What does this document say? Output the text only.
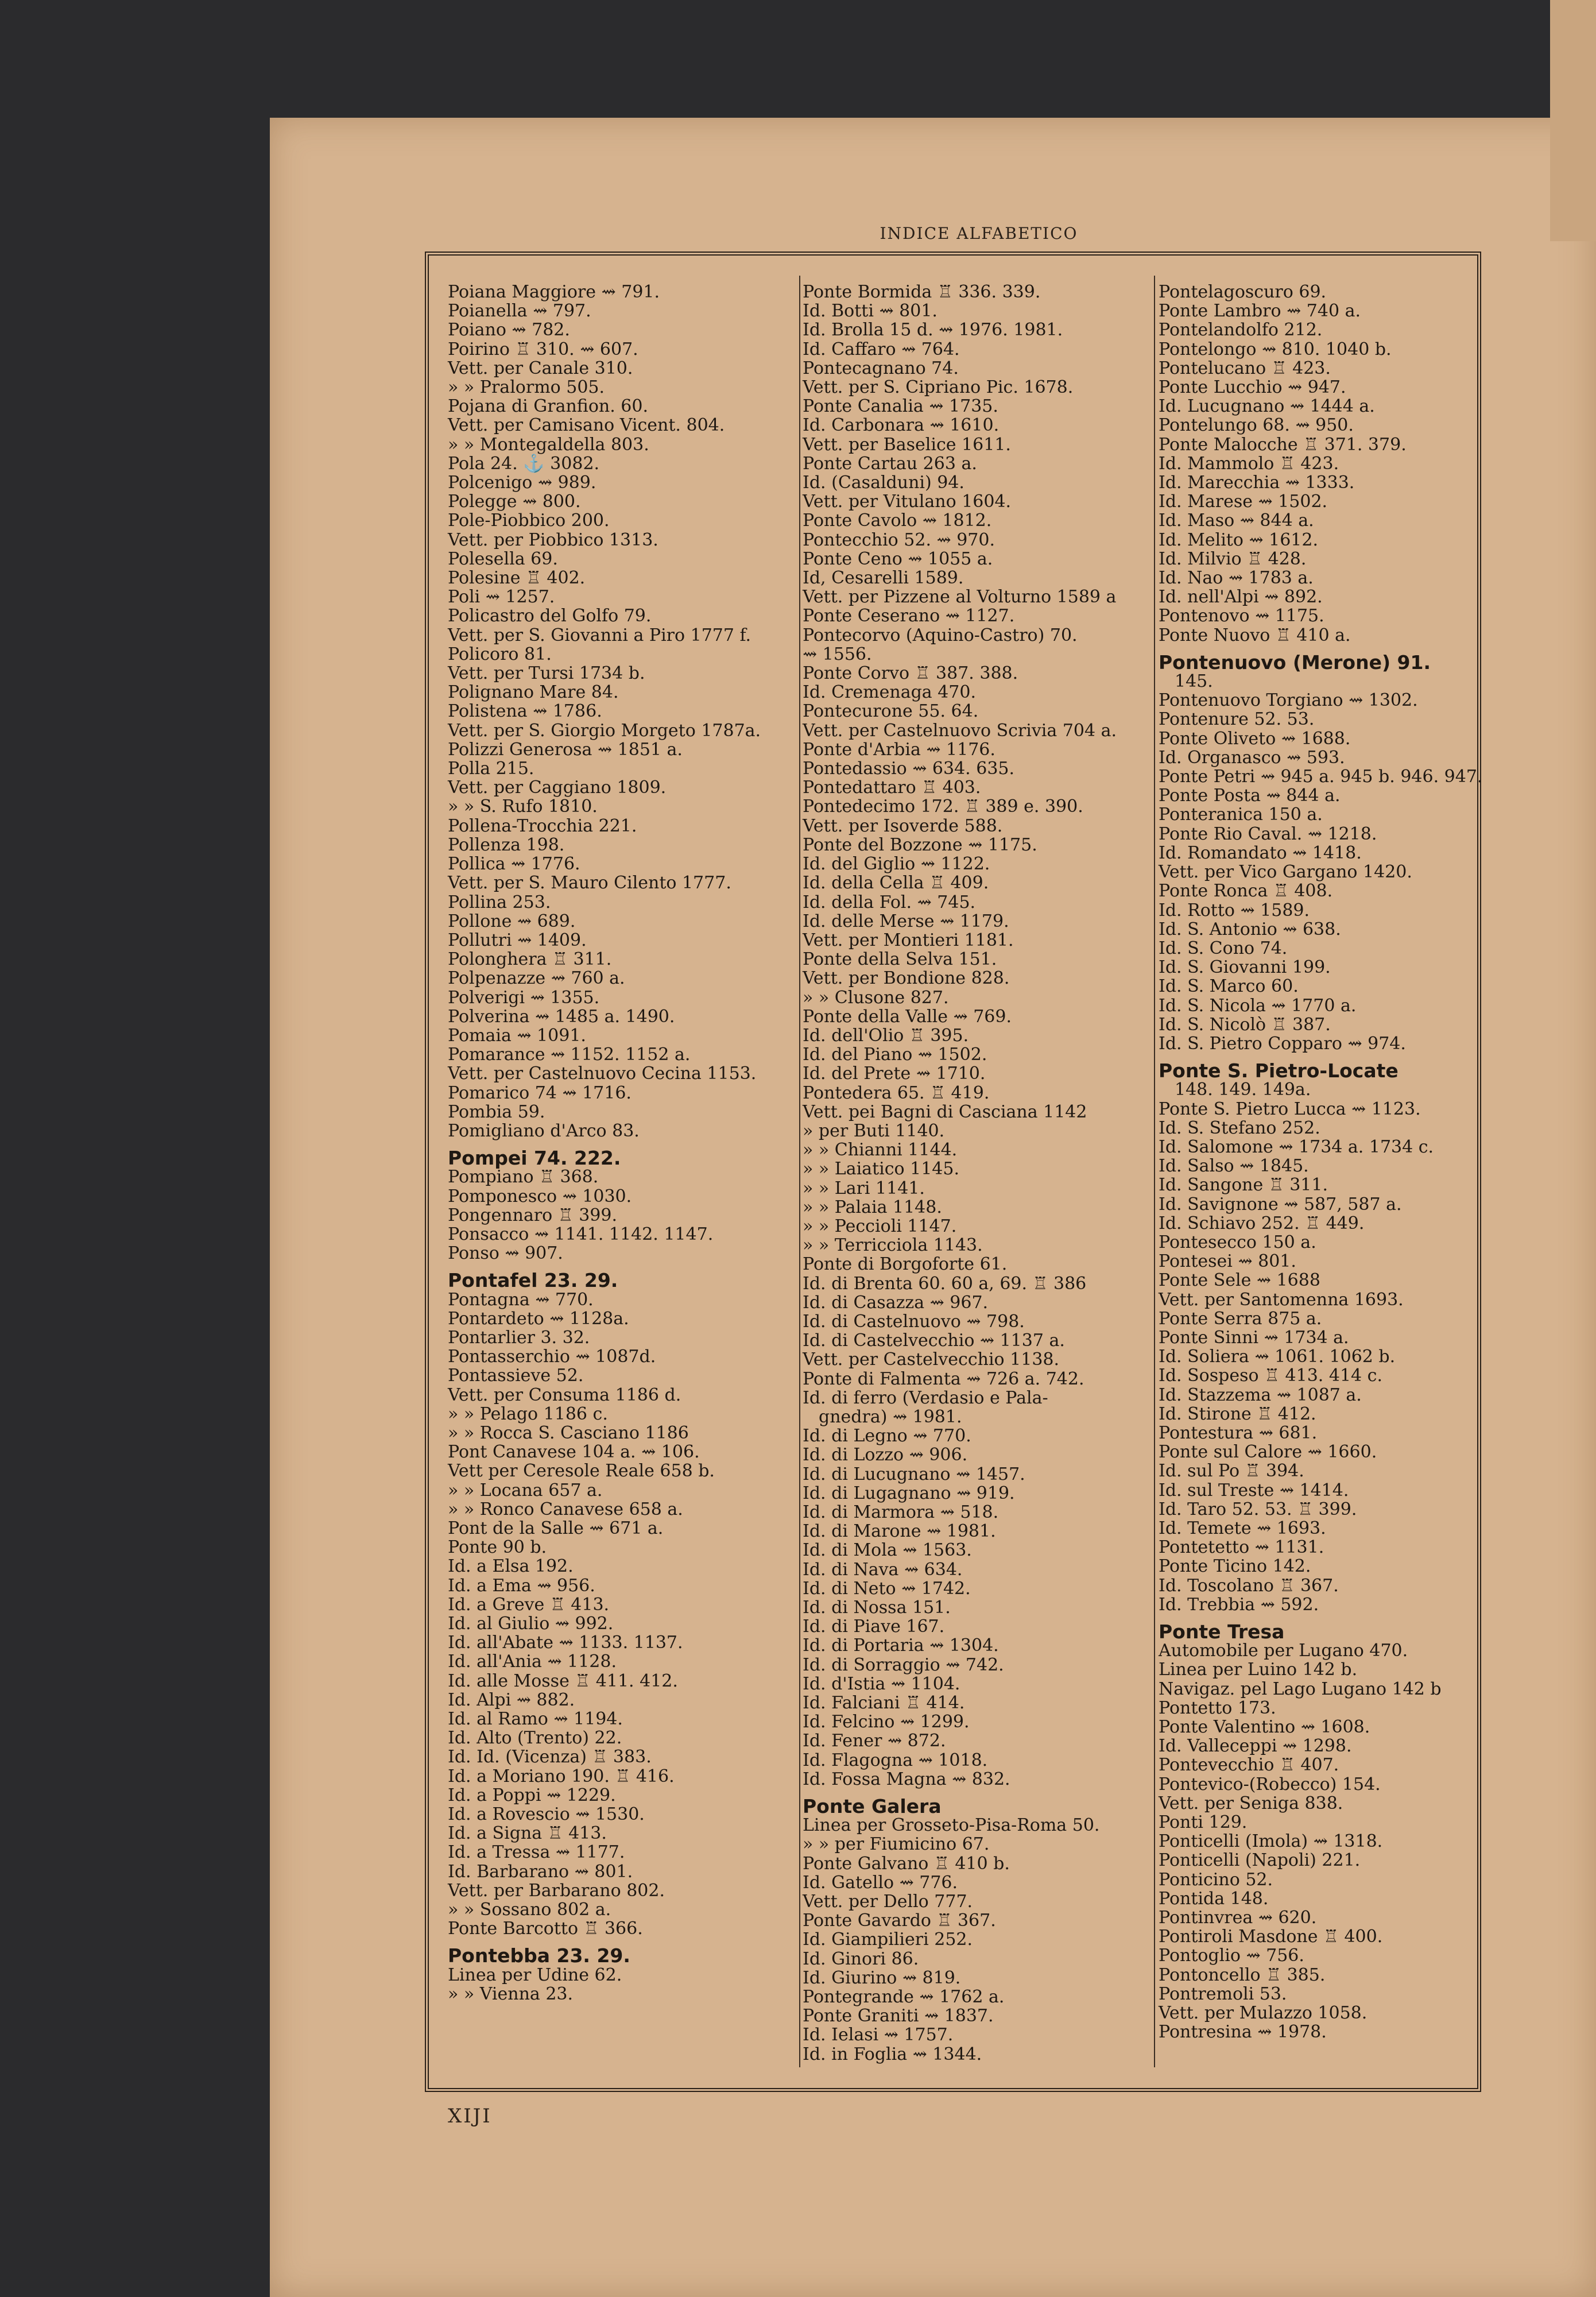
INDICE ALFABETICO
Poiana Maggiore ⇝ 791.
Poianella ⇝ 797.
Poiano ⇝ 782.
Poirino ♖ 310. ⇝ 607.
Vett. per Canale 310.
» » Pralormo 505.
Pojana di Granfion. 60.
Vett. per Camisano Vicent. 804.
» » Montegaldella 803.
Pola 24. ⚓ 3082.
Polcenigo ⇝ 989.
Polegge ⇝ 800.
Pole-Piobbico 200.
Vett. per Piobbico 1313.
Polesella 69.
Polesine ♖ 402.
Poli ⇝ 1257.
Policastro del Golfo 79.
Vett. per S. Giovanni a Piro 1777 f.
Policoro 81.
Vett. per Tursi 1734 b.
Polignano Mare 84.
Polistena ⇝ 1786.
Vett. per S. Giorgio Morgeto 1787a.
Polizzi Generosa ⇝ 1851 a.
Polla 215.
Vett. per Caggiano 1809.
» » S. Rufo 1810.
Pollena-Trocchia 221.
Pollenza 198.
Pollica ⇝ 1776.
Vett. per S. Mauro Cilento 1777.
Pollina 253.
Pollone ⇝ 689.
Pollutri ⇝ 1409.
Polonghera ♖ 311.
Polpenazze ⇝ 760 a.
Polverigi ⇝ 1355.
Polverina ⇝ 1485 a. 1490.
Pomaia ⇝ 1091.
Pomarance ⇝ 1152. 1152 a.
Vett. per Castelnuovo Cecina 1153.
Pomarico 74 ⇝ 1716.
Pombia 59.
Pomigliano d'Arco 83.
Pompei 74. 222.
Pompiano ♖ 368.
Pomponesco ⇝ 1030.
Pongennaro ♖ 399.
Ponsacco ⇝ 1141. 1142. 1147.
Ponso ⇝ 907.
Pontafel 23. 29.
Pontagna ⇝ 770.
Pontardeto ⇝ 1128a.
Pontarlier 3. 32.
Pontasserchio ⇝ 1087d.
Pontassieve 52.
Vett. per Consuma 1186 d.
» » Pelago 1186 c.
» » Rocca S. Casciano 1186
Pont Canavese 104 a. ⇝ 106.
Vett per Ceresole Reale 658 b.
» » Locana 657 a.
» » Ronco Canavese 658 a.
Pont de la Salle ⇝ 671 a.
Ponte 90 b.
Id. a Elsa 192.
Id. a Ema ⇝ 956.
Id. a Greve ♖ 413.
Id. al Giulio ⇝ 992.
Id. all'Abate ⇝ 1133. 1137.
Id. all'Ania ⇝ 1128.
Id. alle Mosse ♖ 411. 412.
Id. Alpi ⇝ 882.
Id. al Ramo ⇝ 1194.
Id. Alto (Trento) 22.
Id. Id. (Vicenza) ♖ 383.
Id. a Moriano 190. ♖ 416.
Id. a Poppi ⇝ 1229.
Id. a Rovescio ⇝ 1530.
Id. a Signa ♖ 413.
Id. a Tressa ⇝ 1177.
Id. Barbarano ⇝ 801.
Vett. per Barbarano 802.
» » Sossano 802 a.
Ponte Barcotto ♖ 366.
Pontebba 23. 29.
Linea per Udine 62.
» » Vienna 23.
Ponte Bormida ♖ 336. 339.
Id. Botti ⇝ 801.
Id. Brolla 15 d. ⇝ 1976. 1981.
Id. Caffaro ⇝ 764.
Pontecagnano 74.
Vett. per S. Cipriano Pic. 1678.
Ponte Canalia ⇝ 1735.
Id. Carbonara ⇝ 1610.
Vett. per Baselice 1611.
Ponte Cartau 263 a.
Id. (Casalduni) 94.
Vett. per Vitulano 1604.
Ponte Cavolo ⇝ 1812.
Pontecchio 52. ⇝ 970.
Ponte Ceno ⇝ 1055 a.
Id, Cesarelli 1589.
Vett. per Pizzene al Volturno 1589 a
Ponte Ceserano ⇝ 1127.
Pontecorvo (Aquino-Castro) 70.
⇝ 1556.
Ponte Corvo ♖ 387. 388.
Id. Cremenaga 470.
Pontecurone 55. 64.
Vett. per Castelnuovo Scrivia 704 a.
Ponte d'Arbia ⇝ 1176.
Pontedassio ⇝ 634. 635.
Pontedattaro ♖ 403.
Pontedecimo 172. ♖ 389 e. 390.
Vett. per Isoverde 588.
Ponte del Bozzone ⇝ 1175.
Id. del Giglio ⇝ 1122.
Id. della Cella ♖ 409.
Id. della Fol. ⇝ 745.
Id. delle Merse ⇝ 1179.
Vett. per Montieri 1181.
Ponte della Selva 151.
Vett. per Bondione 828.
» » Clusone 827.
Ponte della Valle ⇝ 769.
Id. dell'Olio ♖ 395.
Id. del Piano ⇝ 1502.
Id. del Prete ⇝ 1710.
Pontedera 65. ♖ 419.
Vett. pei Bagni di Casciana 1142
» per Buti 1140.
» » Chianni 1144.
» » Laiatico 1145.
» » Lari 1141.
» » Palaia 1148.
» » Peccioli 1147.
» » Terricciola 1143.
Ponte di Borgoforte 61.
Id. di Brenta 60. 60 a, 69. ♖ 386
Id. di Casazza ⇝ 967.
Id. di Castelnuovo ⇝ 798.
Id. di Castelvecchio ⇝ 1137 a.
Vett. per Castelvecchio 1138.
Ponte di Falmenta ⇝ 726 a. 742.
Id. di ferro (Verdasio e Pala-
gnedra) ⇝ 1981.
Id. di Legno ⇝ 770.
Id. di Lozzo ⇝ 906.
Id. di Lucugnano ⇝ 1457.
Id. di Lugagnano ⇝ 919.
Id. di Marmora ⇝ 518.
Id. di Marone ⇝ 1981.
Id. di Mola ⇝ 1563.
Id. di Nava ⇝ 634.
Id. di Neto ⇝ 1742.
Id. di Nossa 151.
Id. di Piave 167.
Id. di Portaria ⇝ 1304.
Id. di Sorraggio ⇝ 742.
Id. d'Istia ⇝ 1104.
Id. Falciani ♖ 414.
Id. Felcino ⇝ 1299.
Id. Fener ⇝ 872.
Id. Flagogna ⇝ 1018.
Id. Fossa Magna ⇝ 832.
Ponte Galera
Linea per Grosseto-Pisa-Roma 50.
» » per Fiumicino 67.
Ponte Galvano ♖ 410 b.
Id. Gatello ⇝ 776.
Vett. per Dello 777.
Ponte Gavardo ♖ 367.
Id. Giampilieri 252.
Id. Ginori 86.
Id. Giurino ⇝ 819.
Pontegrande ⇝ 1762 a.
Ponte Graniti ⇝ 1837.
Id. Ielasi ⇝ 1757.
Id. in Foglia ⇝ 1344.
Pontelagoscuro 69.
Ponte Lambro ⇝ 740 a.
Pontelandolfo 212.
Pontelongo ⇝ 810. 1040 b.
Pontelucano ♖ 423.
Ponte Lucchio ⇝ 947.
Id. Lucugnano ⇝ 1444 a.
Pontelungo 68. ⇝ 950.
Ponte Malocche ♖ 371. 379.
Id. Mammolo ♖ 423.
Id. Marecchia ⇝ 1333.
Id. Marese ⇝ 1502.
Id. Maso ⇝ 844 a.
Id. Melito ⇝ 1612.
Id. Milvio ♖ 428.
Id. Nao ⇝ 1783 a.
Id. nell'Alpi ⇝ 892.
Pontenovo ⇝ 1175.
Ponte Nuovo ♖ 410 a.
Pontenuovo (Merone) 91.
145.
Pontenuovo Torgiano ⇝ 1302.
Pontenure 52. 53.
Ponte Oliveto ⇝ 1688.
Id. Organasco ⇝ 593.
Ponte Petri ⇝ 945 a. 945 b. 946. 947.
Ponte Posta ⇝ 844 a.
Ponteranica 150 a.
Ponte Rio Caval. ⇝ 1218.
Id. Romandato ⇝ 1418.
Vett. per Vico Gargano 1420.
Ponte Ronca ♖ 408.
Id. Rotto ⇝ 1589.
Id. S. Antonio ⇝ 638.
Id. S. Cono 74.
Id. S. Giovanni 199.
Id. S. Marco 60.
Id. S. Nicola ⇝ 1770 a.
Id. S. Nicolò ♖ 387.
Id. S. Pietro Copparo ⇝ 974.
Ponte S. Pietro-Locate
148. 149. 149a.
Ponte S. Pietro Lucca ⇝ 1123.
Id. S. Stefano 252.
Id. Salomone ⇝ 1734 a. 1734 c.
Id. Salso ⇝ 1845.
Id. Sangone ♖ 311.
Id. Savignone ⇝ 587, 587 a.
Id. Schiavo 252. ♖ 449.
Pontesecco 150 a.
Pontesei ⇝ 801.
Ponte Sele ⇝ 1688
Vett. per Santomenna 1693.
Ponte Serra 875 a.
Ponte Sinni ⇝ 1734 a.
Id. Soliera ⇝ 1061. 1062 b.
Id. Sospeso ♖ 413. 414 c.
Id. Stazzema ⇝ 1087 a.
Id. Stirone ♖ 412.
Pontestura ⇝ 681.
Ponte sul Calore ⇝ 1660.
Id. sul Po ♖ 394.
Id. sul Treste ⇝ 1414.
Id. Taro 52. 53. ♖ 399.
Id. Temete ⇝ 1693.
Pontetetto ⇝ 1131.
Ponte Ticino 142.
Id. Toscolano ♖ 367.
Id. Trebbia ⇝ 592.
Ponte Tresa
Automobile per Lugano 470.
Linea per Luino 142 b.
Navigaz. pel Lago Lugano 142 b
Pontetto 173.
Ponte Valentino ⇝ 1608.
Id. Valleceppi ⇝ 1298.
Pontevecchio ♖ 407.
Pontevico-(Robecco) 154.
Vett. per Seniga 838.
Ponti 129.
Ponticelli (Imola) ⇝ 1318.
Ponticelli (Napoli) 221.
Ponticino 52.
Pontida 148.
Pontinvrea ⇝ 620.
Pontiroli Masdone ♖ 400.
Pontoglio ⇝ 756.
Pontoncello ♖ 385.
Pontremoli 53.
Vett. per Mulazzo 1058.
Pontresina ⇝ 1978.
XIJI
